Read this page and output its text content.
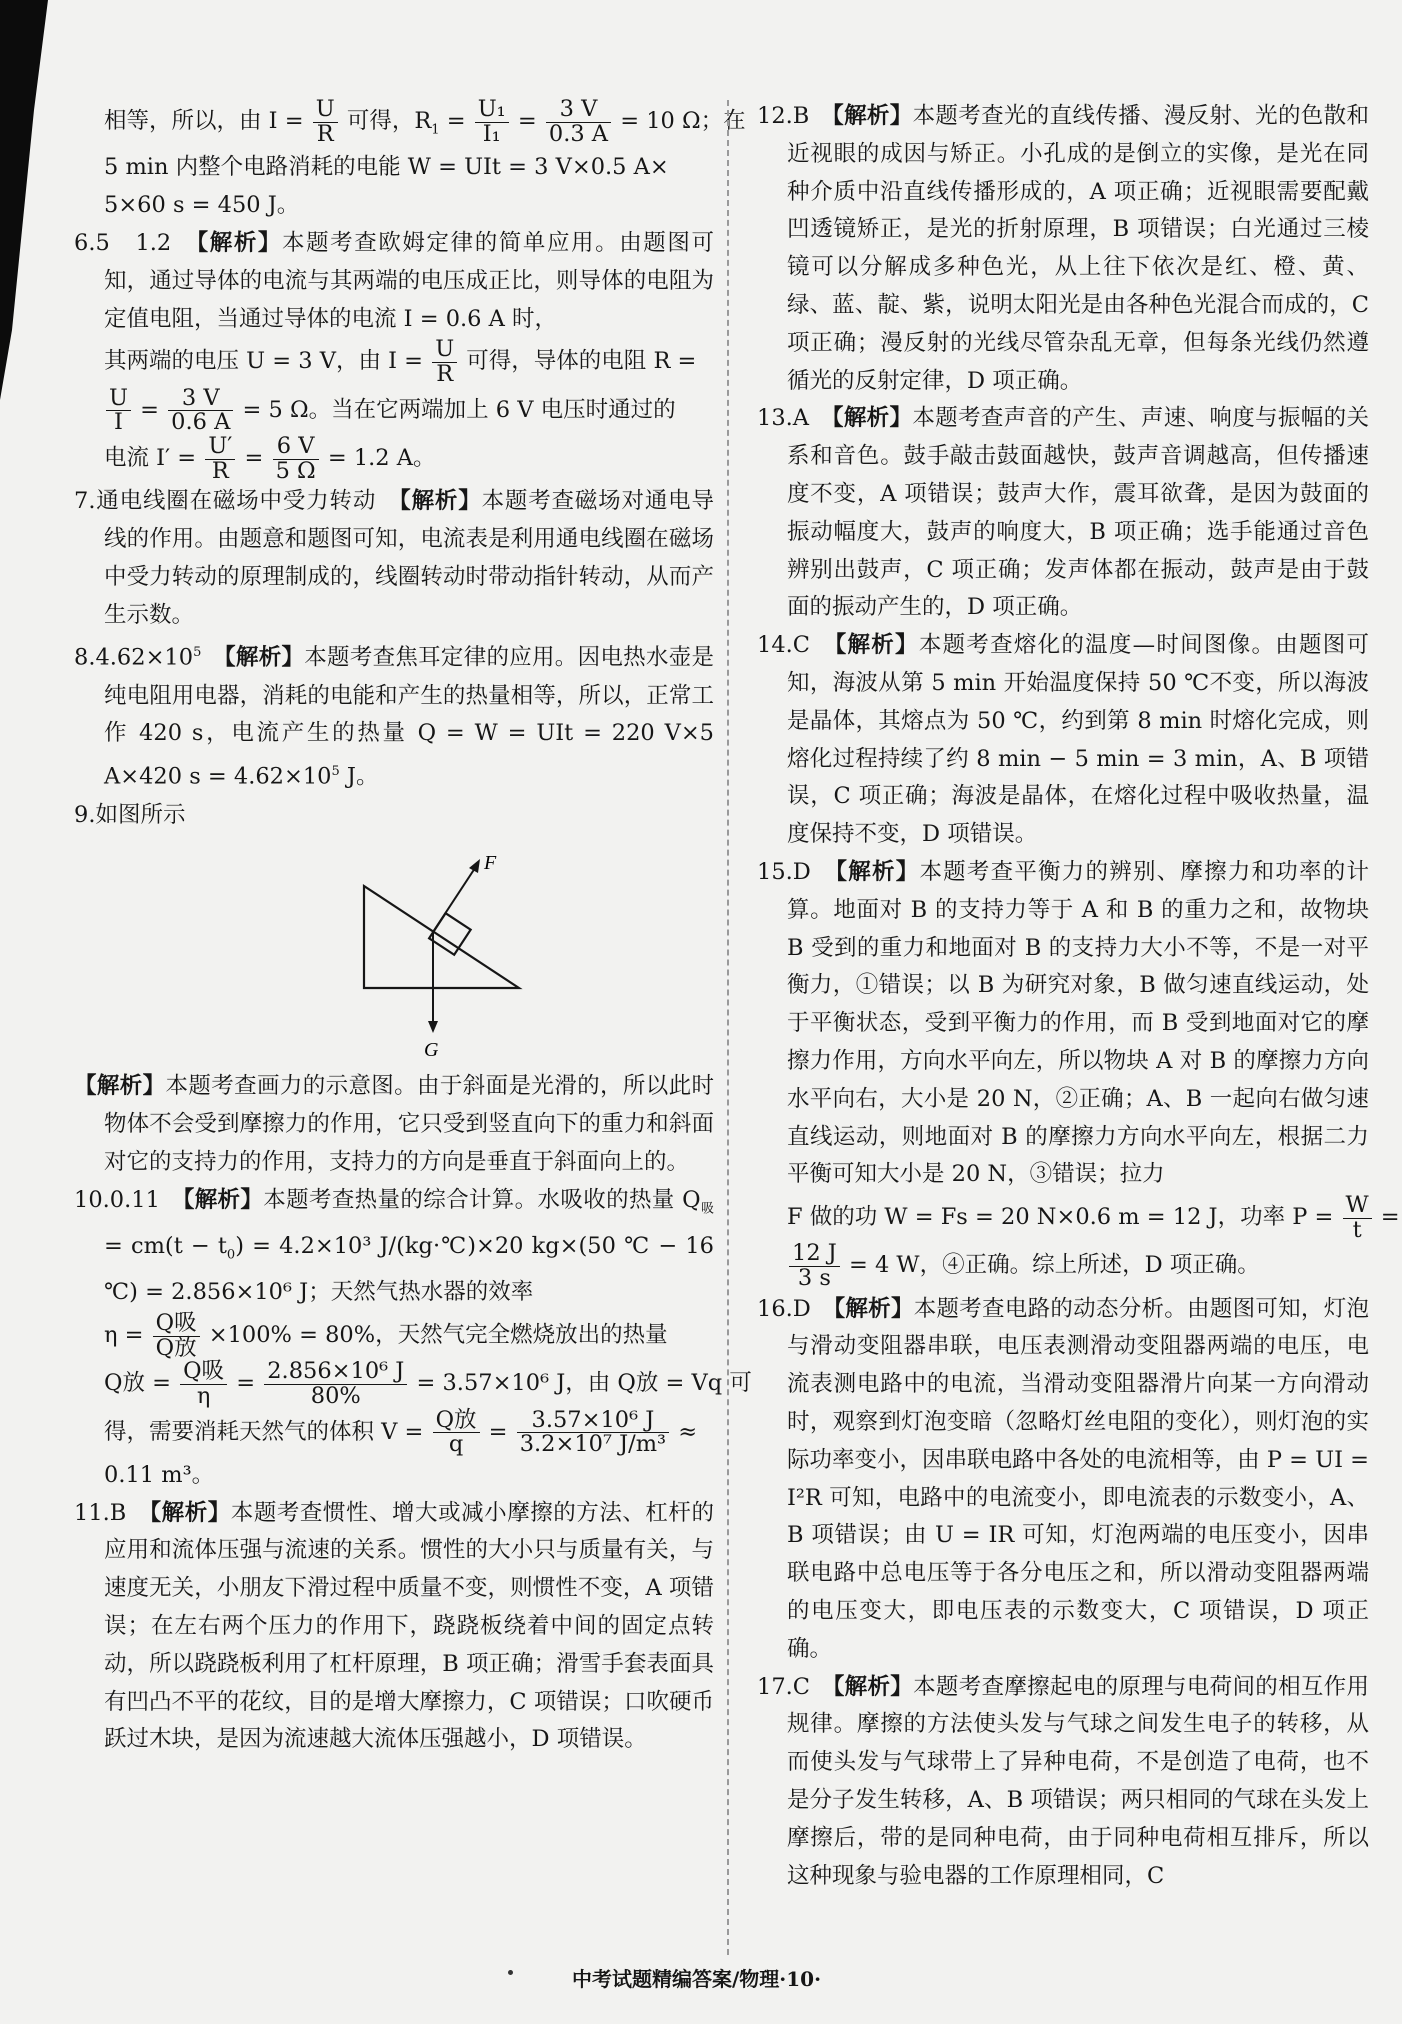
相等，所以，由 $I = \frac{U}{R}$ 可得，$R_1 = \frac{\text{U₁}}{\text{I₁}} = \frac{3 V}{0.3 A} = 10$ Ω；在

5 min 内整个电路消耗的电能 W = UIt = 3 V×0.5 A×

5×60 s = 450 J。

6.5　1.2　【解析】本题考查欧姆定律的简单应用。由题图可知，通过导体的电流与其两端的电压成正比，则导体的电阻为定值电阻，当通过导体的电流 I = 0.6 A 时，

其两端的电压 U = 3 V，由 $I = \frac{U}{R}$ 可得，导体的电阻 R =

$\frac{U}{I} = \frac{3 V}{0.6 A} = 5$ Ω。当在它两端加上 6 V 电压时通过的

电流 $I' = \frac{U'}{R} = \frac{6 V}{5 \Omega} = 1.2$ A。

7.通电线圈在磁场中受力转动　【解析】本题考查磁场对通电导线的作用。由题意和题图可知，电流表是利用通电线圈在磁场中受力转动的原理制成的，线圈转动时带动指针转动，从而产生示数。

$8.4.62\times 10^5$　 【解析】本题考查焦耳定律的应用。因电热水壶是纯电阻用电器，消耗的电能和产生的热量相等，所以，正常工作 420 s，电流产生的热量 Q = W = UIt = 220 V×5 A×420 $s = 4.62\times 10^5$ J。

9.如图所示

F
G

【解析】本题考查画力的示意图。由于斜面是光滑的，所以此时物体不会受到摩擦力的作用，它只受到竖直向下的重力和斜面对它的支持力的作用，支持力的方向是垂直于斜面向上的。

10.0.11　【解析】本题考查热量的综合计算。水吸收的热量 $Q_吸 = cm(t - t_0) = 4.2\times 10^3$ J/(kg·℃)×20 kg×(50 ℃ − 16 ℃) = 2.856×10⁶ J；天然气热水器的效率

$\eta = \frac{\text{Q吸}}{\text{Q放}} \times 100\% = 80\%$，天然气完全燃烧放出的热量

Q放 = $\frac{\text{Q吸}}{\eta} = \frac{\text{2.856×10⁶ J}}{80\%} = 3.57\times 10^6$ J，由 Q放 = Vq 可

得，需要消耗天然气的体积 $V = \frac{\text{Q放}}{q} = \frac{\text{3.57×10⁶ J}}{\text{3.2×10⁷ J/m³}}$ ≈

0.11 m³。

11.B　【解析】本题考查惯性、增大或减小摩擦的方法、杠杆的应用和流体压强与流速的关系。惯性的大小只与质量有关，与速度无关，小朋友下滑过程中质量不变，则惯性不变，A 项错误；在左右两个压力的作用下，跷跷板绕着中间的固定点转动，所以跷跷板利用了杠杆原理，B 项正确；滑雪手套表面具有凹凸不平的花纹，目的是增大摩擦力，C 项错误；口吹硬币跃过木块，是因为流速越大流体压强越小，D 项错误。

12.B　【解析】本题考查光的直线传播、漫反射、光的色散和近视眼的成因与矫正。小孔成的是倒立的实像，是光在同种介质中沿直线传播形成的，A 项正确；近视眼需要配戴凹透镜矫正，是光的折射原理，B 项错误；白光通过三棱镜可以分解成多种色光，从上往下依次是红、橙、黄、绿、蓝、靛、紫，说明太阳光是由各种色光混合而成的，C 项正确；漫反射的光线尽管杂乱无章，但每条光线仍然遵循光的反射定律，D 项正确。

13.A　【解析】本题考查声音的产生、声速、响度与振幅的关系和音色。鼓手敲击鼓面越快，鼓声音调越高，但传播速度不变，A 项错误；鼓声大作，震耳欲聋，是因为鼓面的振动幅度大，鼓声的响度大，B 项正确；选手能通过音色辨别出鼓声，C 项正确；发声体都在振动，鼓声是由于鼓面的振动产生的，D 项正确。

14.C　【解析】本题考查熔化的温度—时间图像。由题图可知，海波从第 5 min 开始温度保持 50 ℃不变，所以海波是晶体，其熔点为 50 ℃，约到第 8 min 时熔化完成，则熔化过程持续了约 8 min − 5 min = 3 min，A、B 项错误，C 项正确；海波是晶体，在熔化过程中吸收热量，温度保持不变，D 项错误。

15.D　【解析】本题考查平衡力的辨别、摩擦力和功率的计算。地面对 B 的支持力等于 A 和 B 的重力之和，故物块 B 受到的重力和地面对 B 的支持力大小不等，不是一对平衡力，①错误；以 B 为研究对象，B 做匀速直线运动，处于平衡状态，受到平衡力的作用，而 B 受到地面对它的摩擦力作用，方向水平向左，所以物块 A 对 B 的摩擦力方向水平向右，大小是 20 N，②正确；A、B 一起向右做匀速直线运动，则地面对 B 的摩擦力方向水平向左，根据二力平衡可知大小是 20 N，③错误；拉力

F 做的功 W = Fs = 20 N×0.6 m = 12 J，功率 $P = \frac{W}{t}$ =

$\frac{12 J}{3 s} = 4$ W，④正确。综上所述，D 项正确。

16.D　【解析】本题考查电路的动态分析。由题图可知，灯泡与滑动变阻器串联，电压表测滑动变阻器两端的电压，电流表测电路中的电流，当滑动变阻器滑片向某一方向滑动时，观察到灯泡变暗（忽略灯丝电阻的变化），则灯泡的实际功率变小，因串联电路中各处的电流相等，由 P = UI = I²R 可知，电路中的电流变小，即电流表的示数变小，A、B 项错误；由 U = IR 可知，灯泡两端的电压变小，因串联电路中总电压等于各分电压之和，所以滑动变阻器两端的电压变大，即电压表的示数变大，C 项错误，D 项正确。

17.C　【解析】本题考查摩擦起电的原理与电荷间的相互作用规律。摩擦的方法使头发与气球之间发生电子的转移，从而使头发与气球带上了异种电荷，不是创造了电荷，也不是分子发生转移，A、B 项错误；两只相同的气球在头发上摩擦后，带的是同种电荷，由于同种电荷相互排斥，所以这种现象与验电器的工作原理相同，C

中考试题精编答案/物理·10·
